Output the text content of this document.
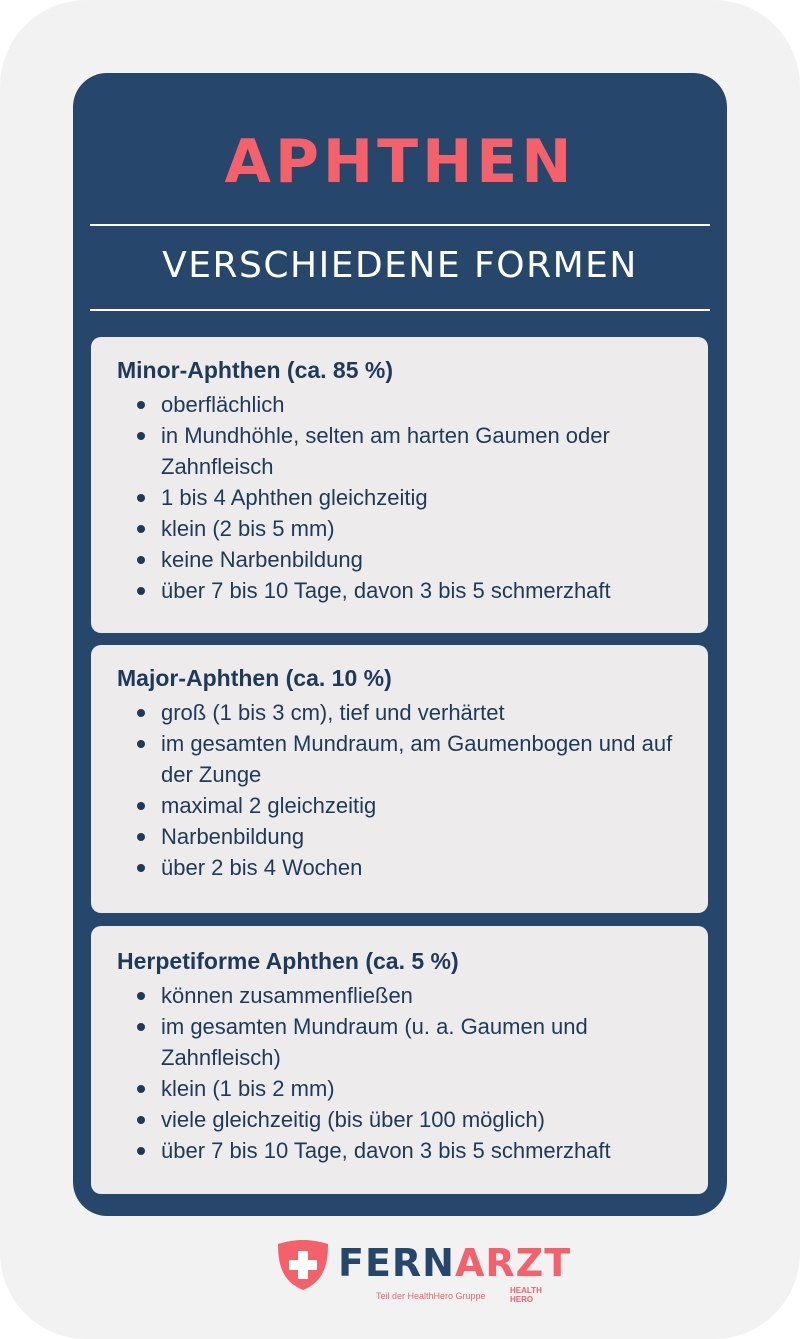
APHTHEN

VERSCHIEDENE FORMEN

Minor-Aphthen (ca. 85 %)
oberflächlich
in Mundhöhle, selten am harten Gaumen oder Zahnfleisch
1 bis 4 Aphthen gleichzeitig
klein (2 bis 5 mm)
keine Narbenbildung
über 7 bis 10 Tage, davon 3 bis 5 schmerzhaft
Major-Aphthen (ca. 10 %)
groß (1 bis 3 cm), tief und verhärtet
im gesamten Mundraum, am Gaumenbogen und auf der Zunge
maximal 2 gleichzeitig
Narbenbildung
über 2 bis 4 Wochen
Herpetiforme Aphthen (ca. 5 %)
können zusammenfließen
im gesamten Mundraum (u. a. Gaumen und Zahnfleisch)
klein (1 bis 2 mm)
viele gleichzeitig (bis über 100 möglich)
über 7 bis 10 Tage, davon 3 bis 5 schmerzhaft
FERNARZT
Teil der HealthHero Gruppe
HEALTH
HERO
